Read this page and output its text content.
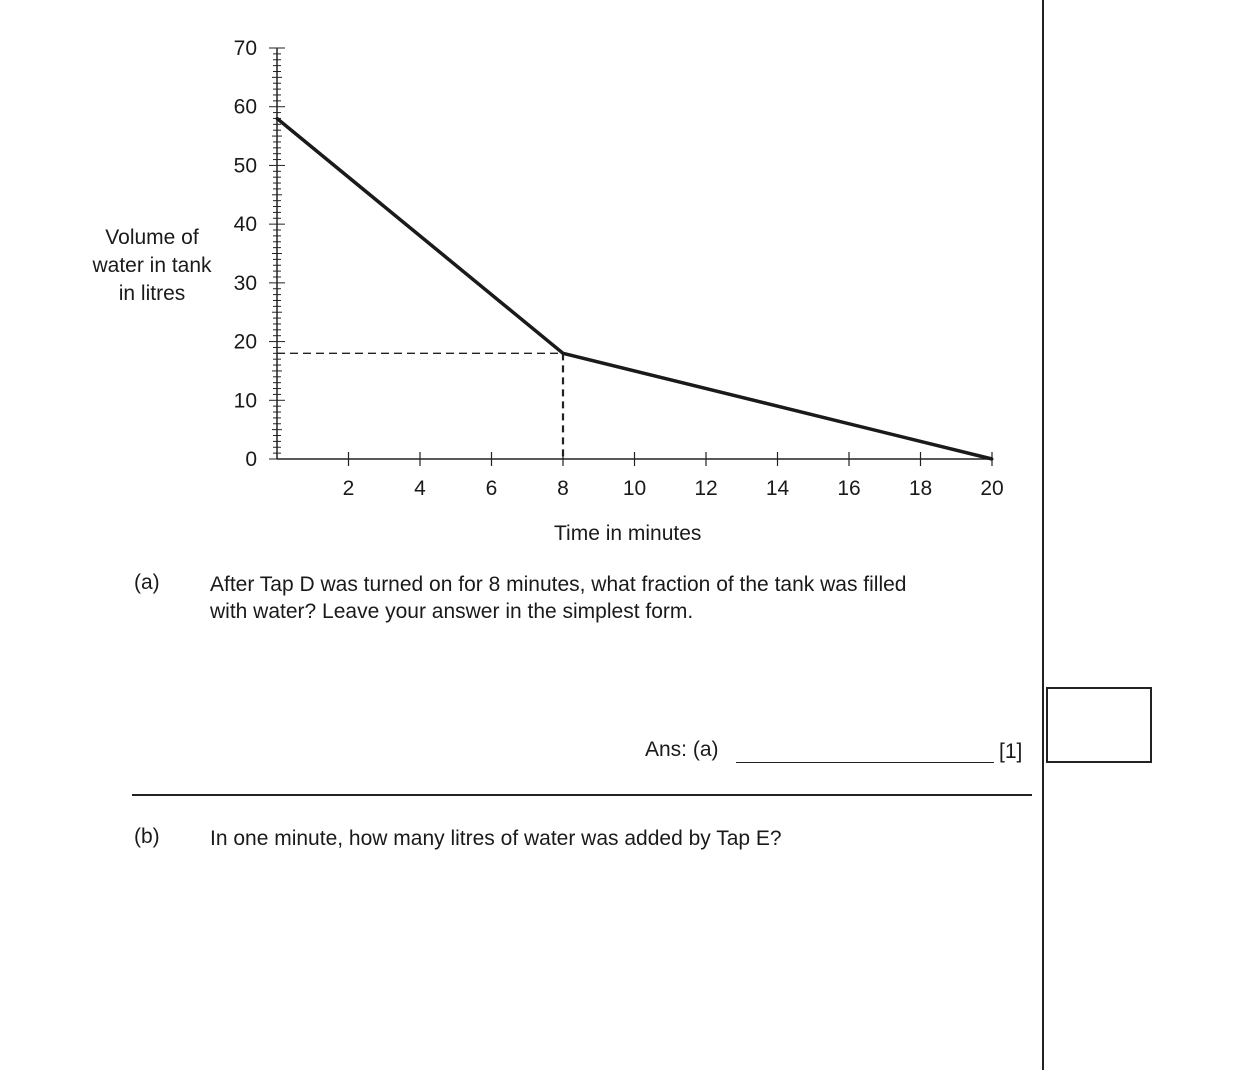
0
10
20
30
40
50
60
70
2	4	6	8	10 12 14 16 18 20
Volume of
water in tank
in litres
Time in minutes
(a) After Tap D was turned on for 8 minutes, what fraction of the tank was filled
with water? Leave your answer in the simplest form.
Ans: (a)	[1]
(b) In one minute, how many litres of water was added by Tap E?
